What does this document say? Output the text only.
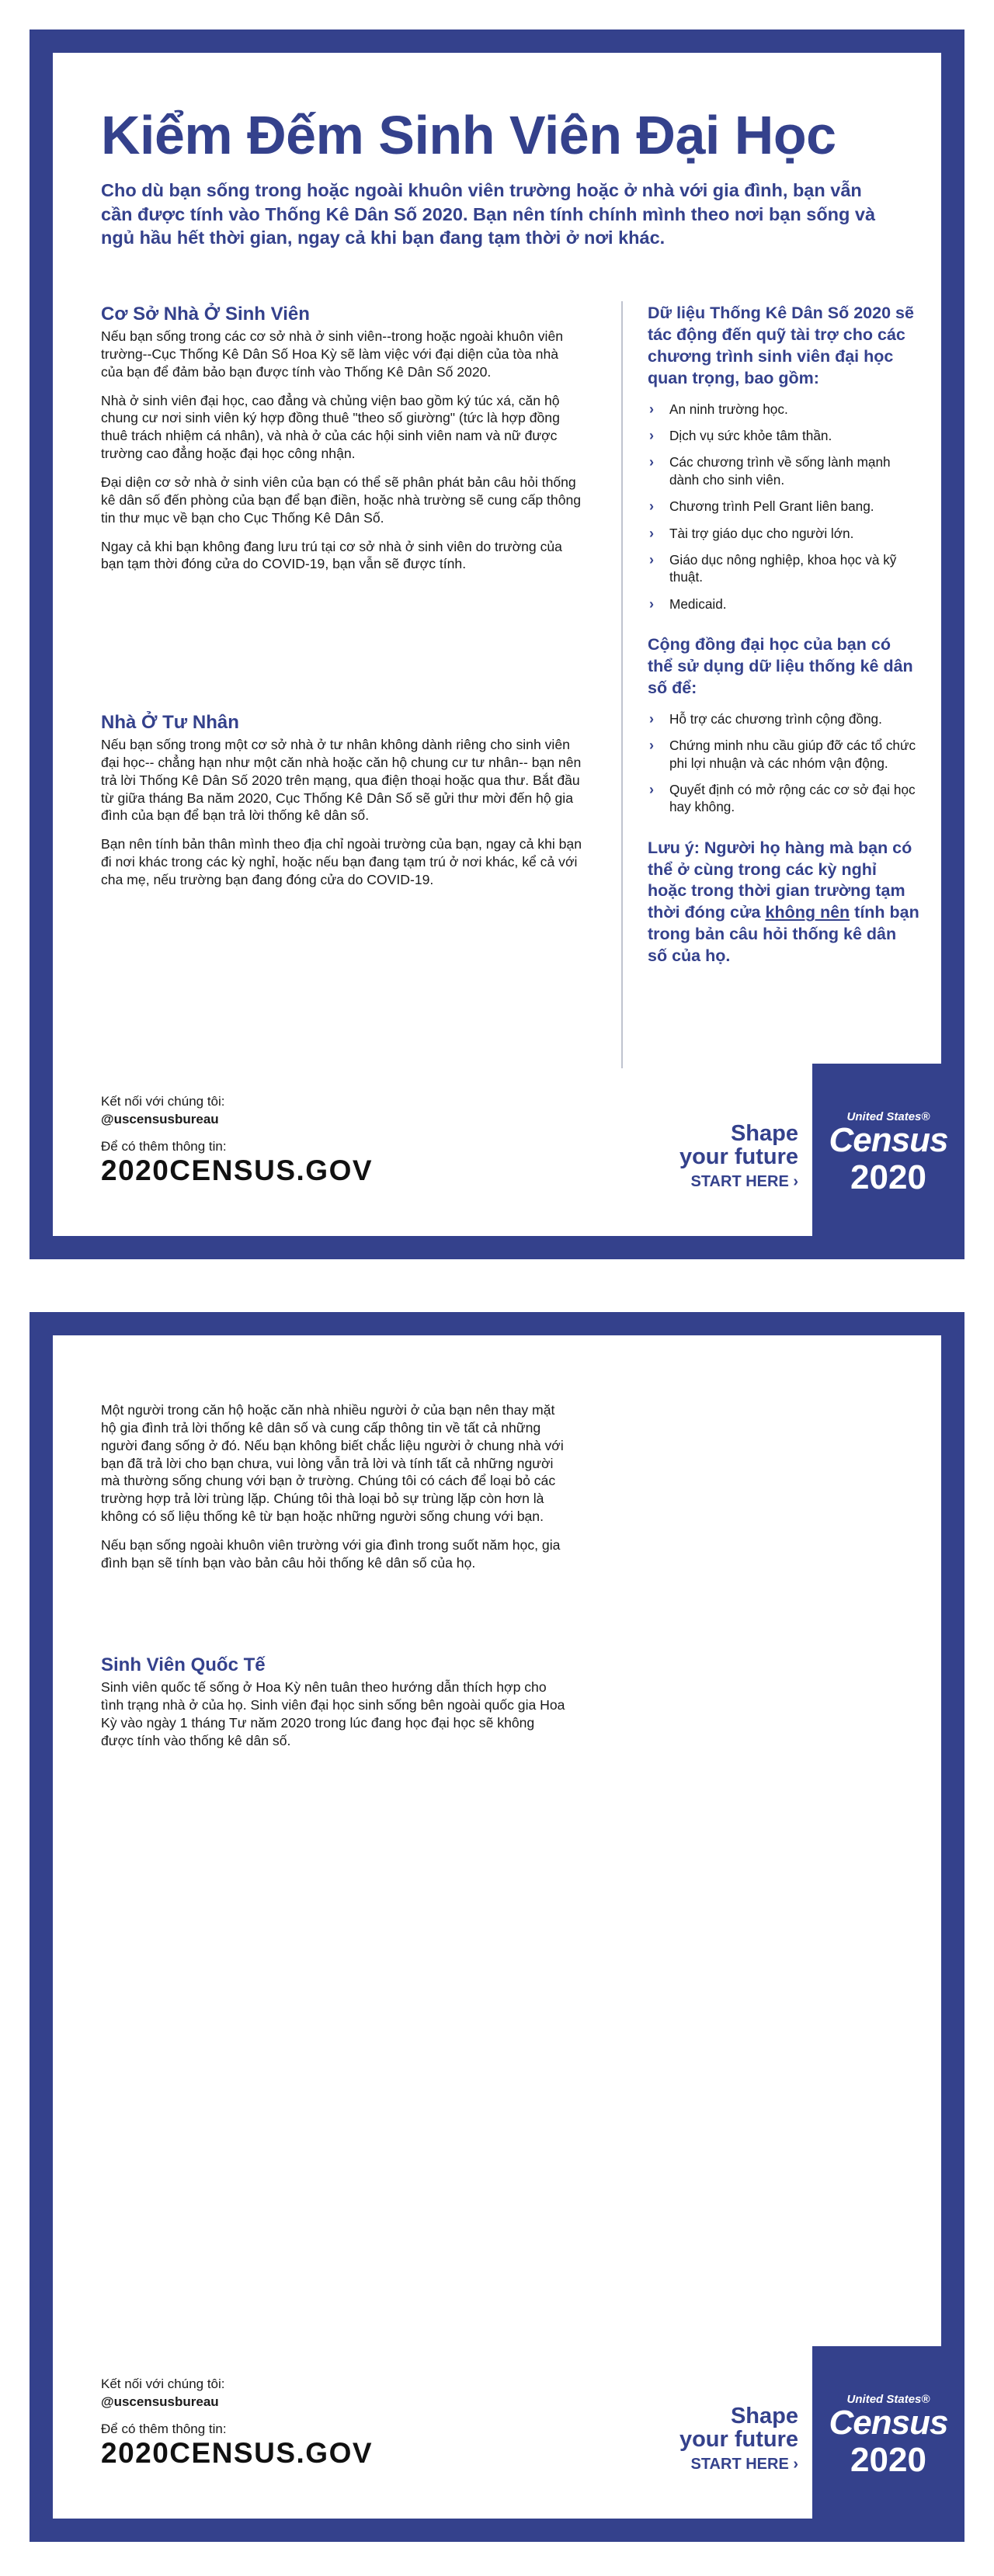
Kiểm Đếm Sinh Viên Đại Học

Cho dù bạn sống trong hoặc ngoài khuôn viên trường hoặc ở nhà với gia đình, bạn vẫn cần được tính vào Thống Kê Dân Số 2020. Bạn nên tính chính mình theo nơi bạn sống và ngủ hầu hết thời gian, ngay cả khi bạn đang tạm thời ở nơi khác.

Cơ Sở Nhà Ở Sinh Viên

Nếu bạn sống trong các cơ sở nhà ở sinh viên--trong hoặc ngoài khuôn viên trường--Cục Thống Kê Dân Số Hoa Kỳ sẽ làm việc với đại diện của tòa nhà của bạn để đảm bảo bạn được tính vào Thống Kê Dân Số 2020.

Nhà ở sinh viên đại học, cao đẳng và chủng viện bao gồm ký túc xá, căn hộ chung cư nơi sinh viên ký hợp đồng thuê "theo số giường" (tức là hợp đồng thuê trách nhiệm cá nhân), và nhà ở của các hội sinh viên nam và nữ được trường cao đẳng hoặc đại học công nhận.

Đại diện cơ sở nhà ở sinh viên của bạn có thể sẽ phân phát bản câu hỏi thống kê dân số đến phòng của bạn để bạn điền, hoặc nhà trường sẽ cung cấp thông tin thư mục về bạn cho Cục Thống Kê Dân Số.

Ngay cả khi bạn không đang lưu trú tại cơ sở nhà ở sinh viên do trường của bạn tạm thời đóng cửa do COVID-19, bạn vẫn sẽ được tính.

Nhà Ở Tư Nhân

Nếu bạn sống trong một cơ sở nhà ở tư nhân không dành riêng cho sinh viên đại học-- chẳng hạn như một căn nhà hoặc căn hộ chung cư tư nhân-- bạn nên trả lời Thống Kê Dân Số 2020 trên mạng, qua điện thoại hoặc qua thư. Bắt đầu từ giữa tháng Ba năm 2020, Cục Thống Kê Dân Số sẽ gửi thư mời đến hộ gia đình của bạn để bạn trả lời thống kê dân số.

Bạn nên tính bản thân mình theo địa chỉ ngoài trường của bạn, ngay cả khi bạn đi nơi khác trong các kỳ nghỉ, hoặc nếu bạn đang tạm trú ở nơi khác, kể cả với cha mẹ, nếu trường bạn đang đóng cửa do COVID-19.

Dữ liệu Thống Kê Dân Số 2020 sẽ tác động đến quỹ tài trợ cho các chương trình sinh viên đại học quan trọng, bao gồm:

› An ninh trường học.
› Dịch vụ sức khỏe tâm thần.
› Các chương trình về sống lành mạnh dành cho sinh viên.
› Chương trình Pell Grant liên bang.
› Tài trợ giáo dục cho người lớn.
› Giáo dục nông nghiệp, khoa học và kỹ thuật.
› Medicaid.

Cộng đồng đại học của bạn có thể sử dụng dữ liệu thống kê dân số để:

› Hỗ trợ các chương trình cộng đồng.
› Chứng minh nhu cầu giúp đỡ các tổ chức phi lợi nhuận và các nhóm vận động.
› Quyết định có mở rộng các cơ sở đại học hay không.

Lưu ý: Người họ hàng mà bạn có thể ở cùng trong các kỳ nghỉ hoặc trong thời gian trường tạm thời đóng cửa không nên tính bạn trong bản câu hỏi thống kê dân số của họ.

Kết nối với chúng tôi:

@uscensusbureau

Để có thêm thông tin:

2020CENSUS.GOV

Shape
your future
START HERE ›
United States®
Census
2020

Một người trong căn hộ hoặc căn nhà nhiều người ở của bạn nên thay mặt hộ gia đình trả lời thống kê dân số và cung cấp thông tin về tất cả những người đang sống ở đó. Nếu bạn không biết chắc liệu người ở chung nhà với bạn đã trả lời cho bạn chưa, vui lòng vẫn trả lời và tính tất cả những người mà thường sống chung với bạn ở trường. Chúng tôi có cách để loại bỏ các trường hợp trả lời trùng lặp. Chúng tôi thà loại bỏ sự trùng lặp còn hơn là không có số liệu thống kê từ bạn hoặc những người sống chung với bạn.

Nếu bạn sống ngoài khuôn viên trường với gia đình trong suốt năm học, gia đình bạn sẽ tính bạn vào bản câu hỏi thống kê dân số của họ.

Sinh Viên Quốc Tế

Sinh viên quốc tế sống ở Hoa Kỳ nên tuân theo hướng dẫn thích hợp cho tình trạng nhà ở của họ. Sinh viên đại học sinh sống bên ngoài quốc gia Hoa Kỳ vào ngày 1 tháng Tư năm 2020 trong lúc đang học đại học sẽ không được tính vào thống kê dân số.

Kết nối với chúng tôi:

@uscensusbureau

Để có thêm thông tin:

2020CENSUS.GOV

Shape
your future
START HERE ›
United States®
Census
2020
